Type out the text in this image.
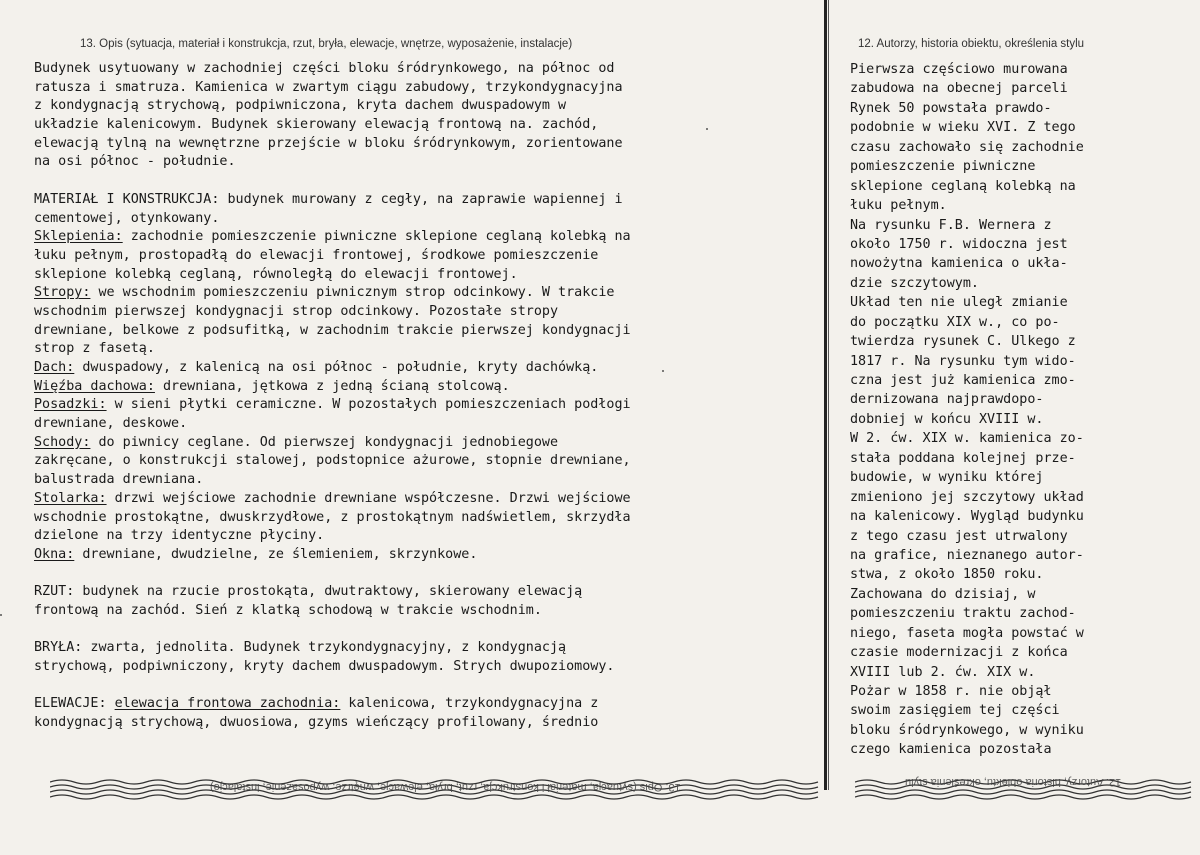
13. Opis (sytuacja, materiał i konstrukcja, rzut, bryła, elewacje, wnętrze, wyposażenie, instalacje)	12. Autorzy, historia obiektu, określenia stylu
Budynek usytuowany w zachodniej części bloku śródrynkowego, na północ od
ratusza i smatruza. Kamienica w zwartym ciągu zabudowy, trzykondygnacyjna
z kondygnacją strychową, podpiwniczona, kryta dachem dwuspadowym w
układzie kalenicowym. Budynek skierowany elewacją frontową na. zachód,
elewacją tylną na wewnętrzne przejście w bloku śródrynkowym, zorientowane
na osi północ - południe.
MATERIAŁ I KONSTRUKCJA: budynek murowany z cegły, na zaprawie wapiennej i
cementowej, otynkowany.
Sklepienia: zachodnie pomieszczenie piwniczne sklepione ceglaną kolebką na
łuku pełnym, prostopadłą do elewacji frontowej, środkowe pomieszczenie
sklepione kolebką ceglaną, równoległą do elewacji frontowej.
Stropy: we wschodnim pomieszczeniu piwnicznym strop odcinkowy. W trakcie
wschodnim pierwszej kondygnacji strop odcinkowy. Pozostałe stropy
drewniane, belkowe z podsufitką, w zachodnim trakcie pierwszej kondygnacji
strop z fasetą.
Dach: dwuspadowy, z kalenicą na osi północ - południe, kryty dachówką.
Więźba dachowa: drewniana, jętkowa z jedną ścianą stolcową.
Posadzki: w sieni płytki ceramiczne. W pozostałych pomieszczeniach podłogi
drewniane, deskowe.
Schody: do piwnicy ceglane. Od pierwszej kondygnacji jednobiegowe
zakręcane, o konstrukcji stalowej, podstopnice ażurowe, stopnie drewniane,
balustrada drewniana.
Stolarka: drzwi wejściowe zachodnie drewniane współczesne. Drzwi wejściowe
wschodnie prostokątne, dwuskrzydłowe, z prostokątnym nadświetlem, skrzydła
dzielone na trzy identyczne płyciny.
Okna: drewniane, dwudzielne, ze ślemieniem, skrzynkowe.
RZUT: budynek na rzucie prostokąta, dwutraktowy, skierowany elewacją
frontową na zachód. Sień z klatką schodową w trakcie wschodnim.
BRYŁA: zwarta, jednolita. Budynek trzykondygnacyjny, z kondygnacją
strychową, podpiwniczony, kryty dachem dwuspadowym. Strych dwupoziomowy.
ELEWACJE: elewacja frontowa zachodnia: kalenicowa, trzykondygnacyjna z
kondygnacją strychową, dwuosiowa, gzyms wieńczący profilowany, średnio
Pierwsza częściowo murowana
zabudowa na obecnej parceli
Rynek 50 powstała prawdo-
podobnie w wieku XVI. Z tego
czasu zachowało się zachodnie
pomieszczenie piwniczne
sklepione ceglaną kolebką na
łuku pełnym.
Na rysunku F.B. Wernera z
około 1750 r. widoczna jest
nowożytna kamienica o ukła-
dzie szczytowym.
Układ ten nie uległ zmianie
do początku XIX w., co po-
twierdza rysunek C. Ulkego z
1817 r. Na rysunku tym wido-
czna jest już kamienica zmo-
dernizowana najprawdopo-
dobniej w końcu XVIII w.
W 2. ćw. XIX w. kamienica zo-
stała poddana kolejnej prze-
budowie, w wyniku której
zmieniono jej szczytowy układ
na kalenicowy. Wygląd budynku
z tego czasu jest utrwalony
na grafice, nieznanego autor-
stwa, z około 1850 roku.
Zachowana do dzisiaj, w
pomieszczeniu traktu zachod-
niego, faseta mogła powstać w
czasie modernizacji z końca
XVIII lub 2. ćw. XIX w.
Pożar w 1858 r. nie objął
swoim zasięgiem tej części
bloku śródrynkowego, w wyniku
czego kamienica pozostała
13. Opis (sytuacja, materiał i konstrukcja, rzut, bryła, elewacje, wnętrze, wyposażenie, instalacje)	12. Autorzy, historia obiektu, określenia stylu
